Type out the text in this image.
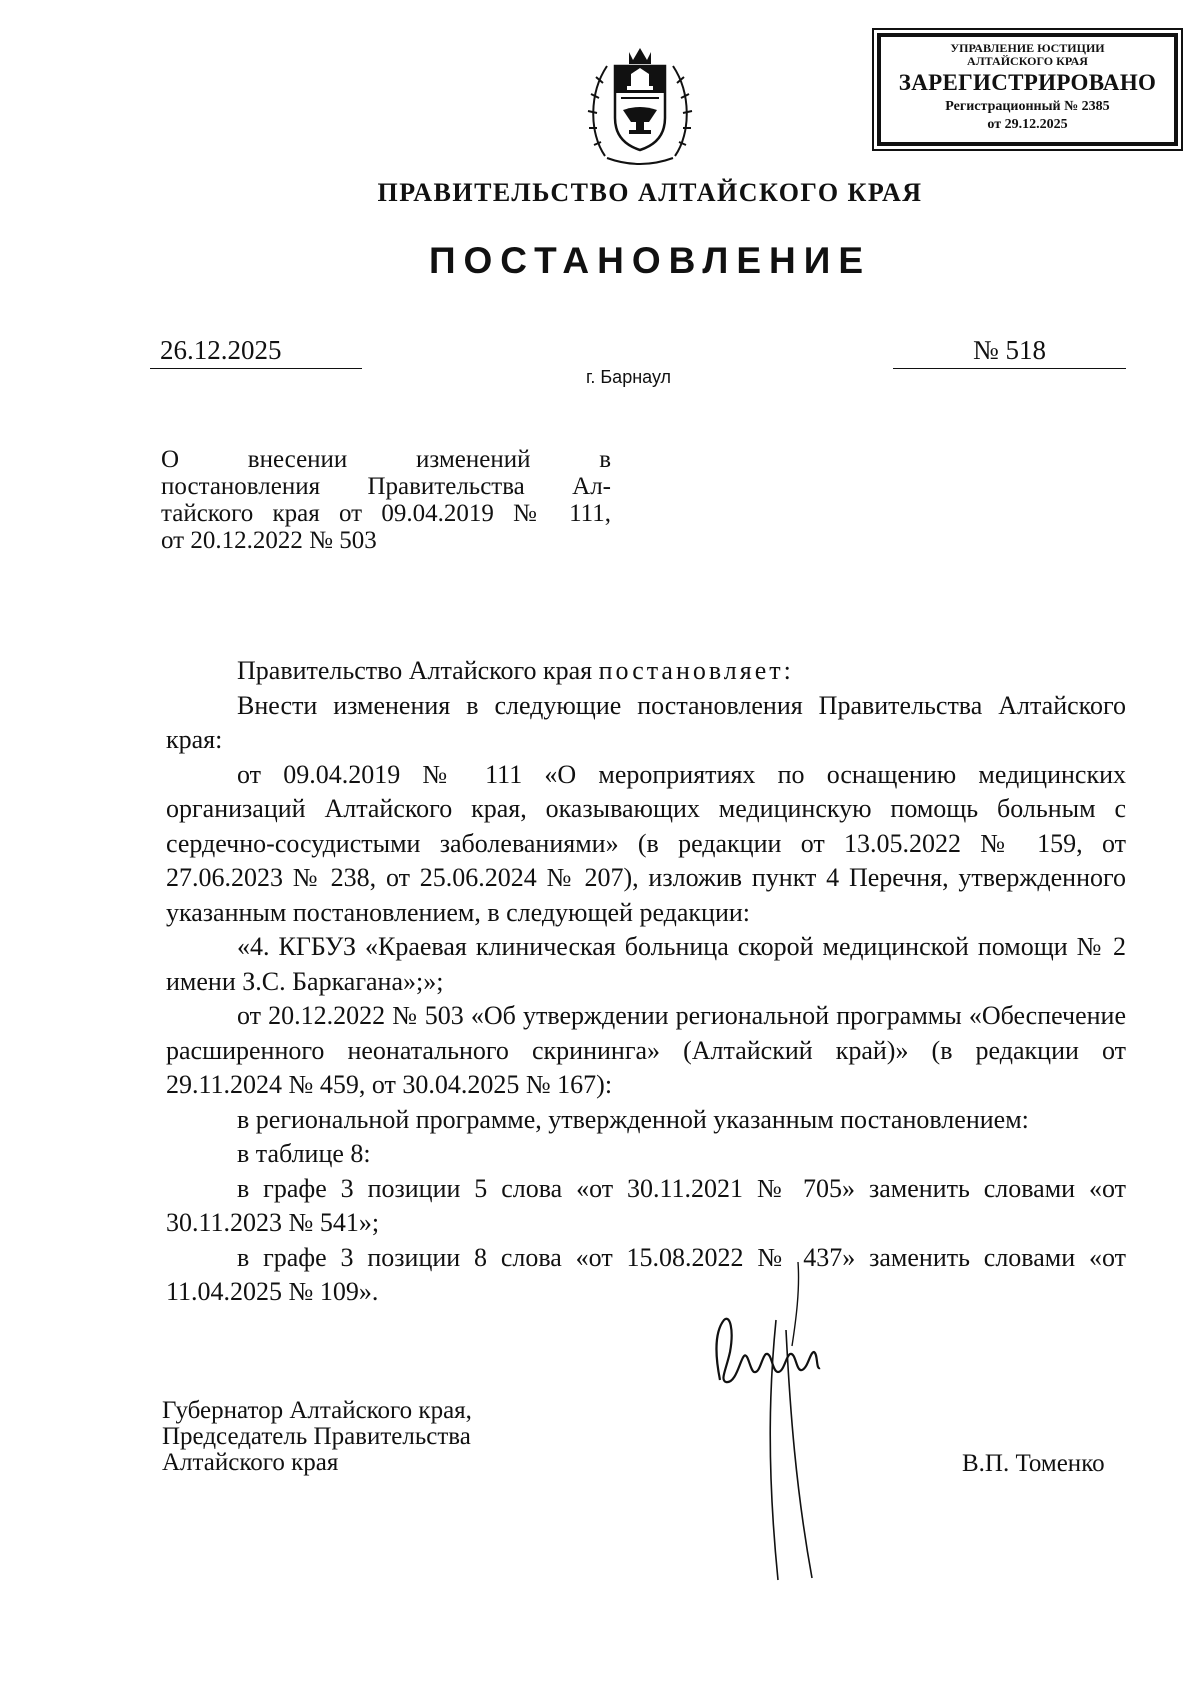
УПРАВЛЕНИЕ ЮСТИЦИИ
АЛТАЙСКОГО КРАЯ
ЗАРЕГИСТРИРОВАНО
Регистрационный № 2385
от 29.12.2025
ПРАВИТЕЛЬСТВО АЛТАЙСКОГО КРАЯ
ПОСТАНОВЛЕНИЕ
26.12.2025	№ 518
г. Барнаул
О внесении изменений в
постановления Правительства Ал-
тайского края от 09.04.2019 № 111,
от 20.12.2022 № 503

Правительство Алтайского края постановляет:

Внести изменения в следующие постановления Правительства Алтайского края:

от 09.04.2019 № 111 «О мероприятиях по оснащению медицинских организаций Алтайского края, оказывающих медицинскую помощь больным с сердечно-сосудистыми заболеваниями» (в редакции от 13.05.2022 № 159, от 27.06.2023 № 238, от 25.06.2024 № 207), изложив пункт 4 Перечня, утвержденного указанным постановлением, в следующей редакции:

«4. КГБУЗ «Краевая клиническая больница скорой медицинской помощи № 2 имени З.С. Баркагана»;»;

от 20.12.2022 № 503 «Об утверждении региональной программы «Обеспечение расширенного неонатального скрининга» (Алтайский край)» (в редакции от 29.11.2024 № 459, от 30.04.2025 № 167):

в региональной программе, утвержденной указанным постановлением:

в таблице 8:

в графе 3 позиции 5 слова «от 30.11.2021 № 705» заменить словами «от 30.11.2023 № 541»;

в графе 3 позиции 8 слова «от 15.08.2022 № 437» заменить словами «от 11.04.2025 № 109».

Губернатор Алтайского края,
Председатель Правительства
Алтайского края	В.П. Томенко
